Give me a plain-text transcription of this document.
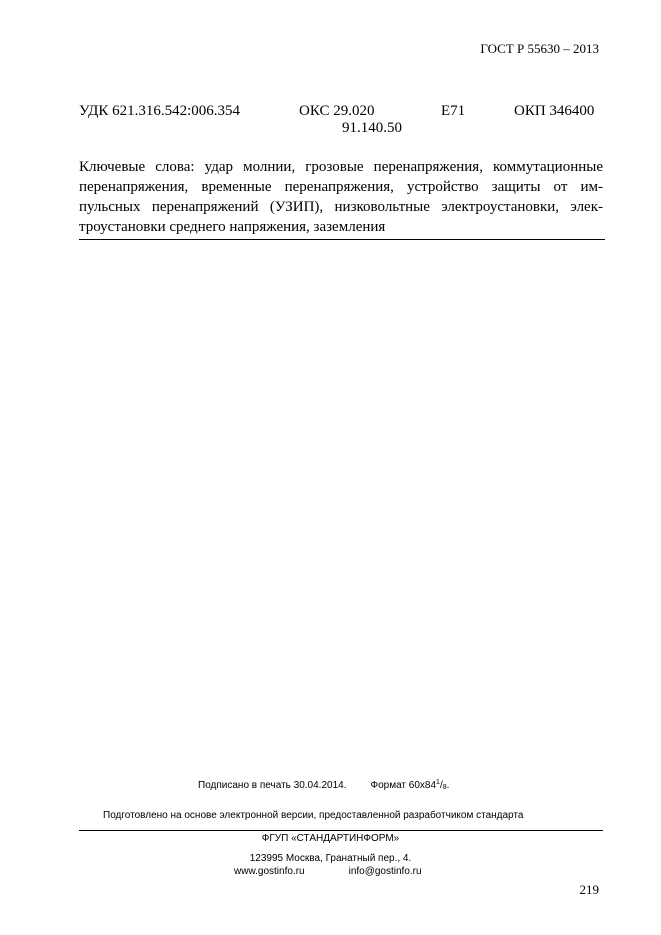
ГОСТ Р 55630 – 2013
УДК 621.316.542:006.354	ОКС 29.020
91.140.50
Е71	ОКП 346400
Ключевые слова: удар молнии, грозовые перенапряжения, коммутационные
перенапряжения, временные перенапряжения, устройство защиты от им-
пульсных перенапряжений (УЗИП), низковольтные электроустановки, элек-
троустановки среднего напряжения, заземления
Подписано в печать 30.04.2014. Формат $60х84^1/_8$.
Подготовлено на основе электронной версии, предоставленной разработчиком стандарта
ФГУП «СТАНДАРТИНФОРМ»
123995 Москва, Гранатный пер., 4.
www.gostinfo.ru	info@gostinfo.ru
219
